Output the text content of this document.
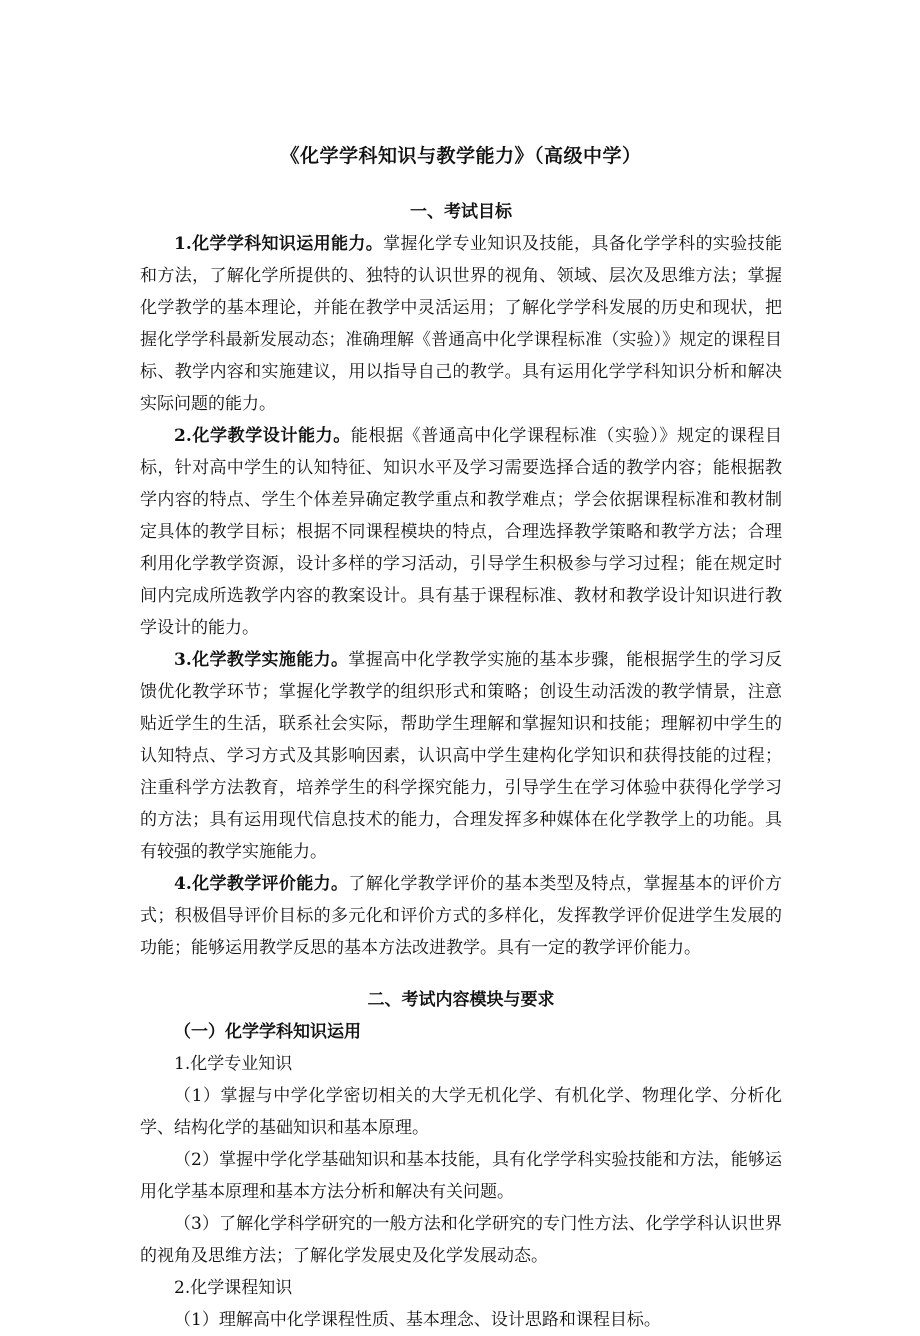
《化学学科知识与教学能力》（高级中学）
一、考试目标

1.化学学科知识运用能力。掌握化学专业知识及技能，具备化学学科的实验技能和方法，了解化学所提供的、独特的认识世界的视角、领域、层次及思维方法；掌握化学教学的基本理论，并能在教学中灵活运用；了解化学学科发展的历史和现状，把握化学学科最新发展动态；准确理解《普通高中化学课程标准（实验）》规定的课程目标、教学内容和实施建议，用以指导自己的教学。具有运用化学学科知识分析和解决实际问题的能力。

2.化学教学设计能力。能根据《普通高中化学课程标准（实验）》规定的课程目标，针对高中学生的认知特征、知识水平及学习需要选择合适的教学内容；能根据教学内容的特点、学生个体差异确定教学重点和教学难点；学会依据课程标准和教材制定具体的教学目标；根据不同课程模块的特点，合理选择教学策略和教学方法；合理利用化学教学资源，设计多样的学习活动，引导学生积极参与学习过程；能在规定时间内完成所选教学内容的教案设计。具有基于课程标准、教材和教学设计知识进行教学设计的能力。

3.化学教学实施能力。掌握高中化学教学实施的基本步骤，能根据学生的学习反馈优化教学环节；掌握化学教学的组织形式和策略；创设生动活泼的教学情景，注意贴近学生的生活，联系社会实际，帮助学生理解和掌握知识和技能；理解初中学生的认知特点、学习方式及其影响因素，认识高中学生建构化学知识和获得技能的过程；注重科学方法教育，培养学生的科学探究能力，引导学生在学习体验中获得化学学习的方法；具有运用现代信息技术的能力，合理发挥多种媒体在化学教学上的功能。具有较强的教学实施能力。

4.化学教学评价能力。了解化学教学评价的基本类型及特点，掌握基本的评价方式；积极倡导评价目标的多元化和评价方式的多样化，发挥教学评价促进学生发展的功能；能够运用教学反思的基本方法改进教学。具有一定的教学评价能力。

二、考试内容模块与要求

（一）化学学科知识运用

1.化学专业知识

（1）掌握与中学化学密切相关的大学无机化学、有机化学、物理化学、分析化学、结构化学的基础知识和基本原理。

（2）掌握中学化学基础知识和基本技能，具有化学学科实验技能和方法，能够运用化学基本原理和基本方法分析和解决有关问题。

（3）了解化学科学研究的一般方法和化学研究的专门性方法、化学学科认识世界的视角及思维方法；了解化学发展史及化学发展动态。

2.化学课程知识

（1）理解高中化学课程性质、基本理念、设计思路和课程目标。
